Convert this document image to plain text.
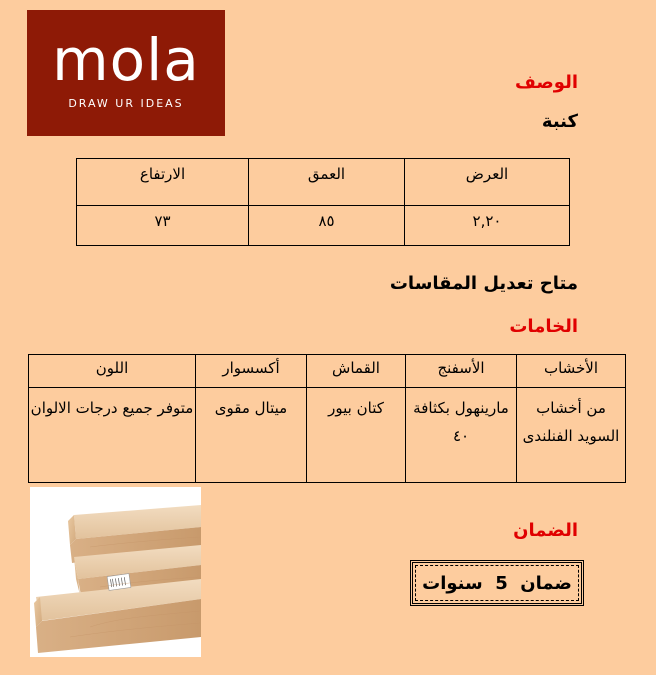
mola
DRAW UR IDEAS
الوصف
كنبة
العرض	العمق	الارتفاع
٢,٢٠	٨٥	٧٣
متاح تعديل المقاسات
الخامات
الأخشاب	الأسفنج	القماش	أكسسوار	اللون
من أخشاب السويد الفنلندى	مارينهول بكثافة ٤٠	كتان بيور	ميتال مقوى	متوفر جميع درجات الالوان
الضمان
ضمان  5  سنوات
